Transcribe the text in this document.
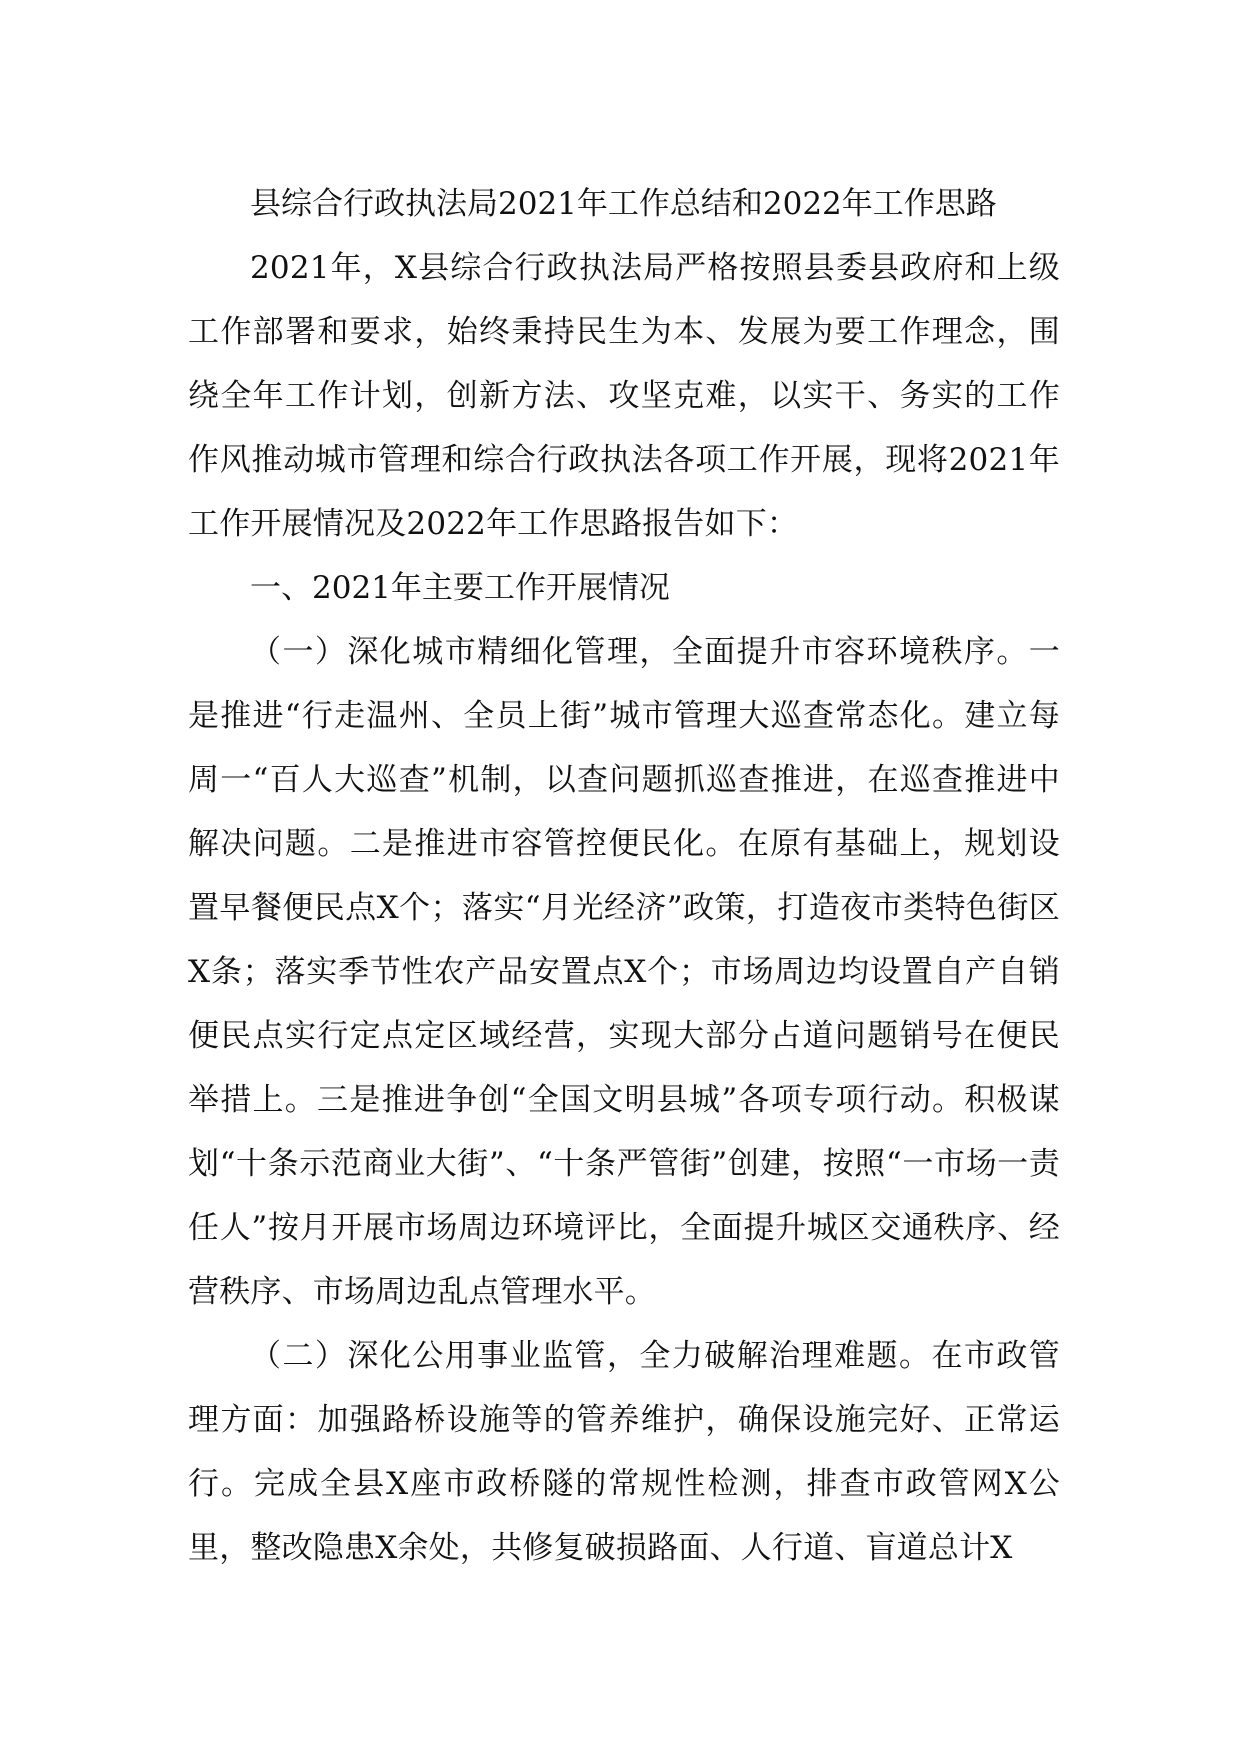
县综合行政执法局2021年工作总结和2022年工作思路

2021年，X县综合行政执法局严格按照县委县政府和上级工作部署和要求，始终秉持民生为本、发展为要工作理念，围绕全年工作计划，创新方法、攻坚克难，以实干、务实的工作作风推动城市管理和综合行政执法各项工作开展，现将2021年工作开展情况及2022年工作思路报告如下：

一、2021年主要工作开展情况

（一）深化城市精细化管理，全面提升市容环境秩序。一是推进“行走温州、全员上街”城市管理大巡查常态化。建立每周一“百人大巡查”机制，以查问题抓巡查推进，在巡查推进中解决问题。二是推进市容管控便民化。在原有基础上，规划设置早餐便民点X个；落实“月光经济”政策，打造夜市类特色街区X条；落实季节性农产品安置点X个；市场周边均设置自产自销便民点实行定点定区域经营，实现大部分占道问题销号在便民举措上。三是推进争创“全国文明县城”各项专项行动。积极谋划“十条示范商业大街”、“十条严管街”创建，按照“一市场一责任人”按月开展市场周边环境评比，全面提升城区交通秩序、经营秩序、市场周边乱点管理水平。

（二）深化公用事业监管，全力破解治理难题。在市政管理方面：加强路桥设施等的管养维护，确保设施完好、正常运行。完成全县X座市政桥隧的常规性检测，排查市政管网X公里，整改隐患X余处，共修复破损路面、人行道、盲道总计X
